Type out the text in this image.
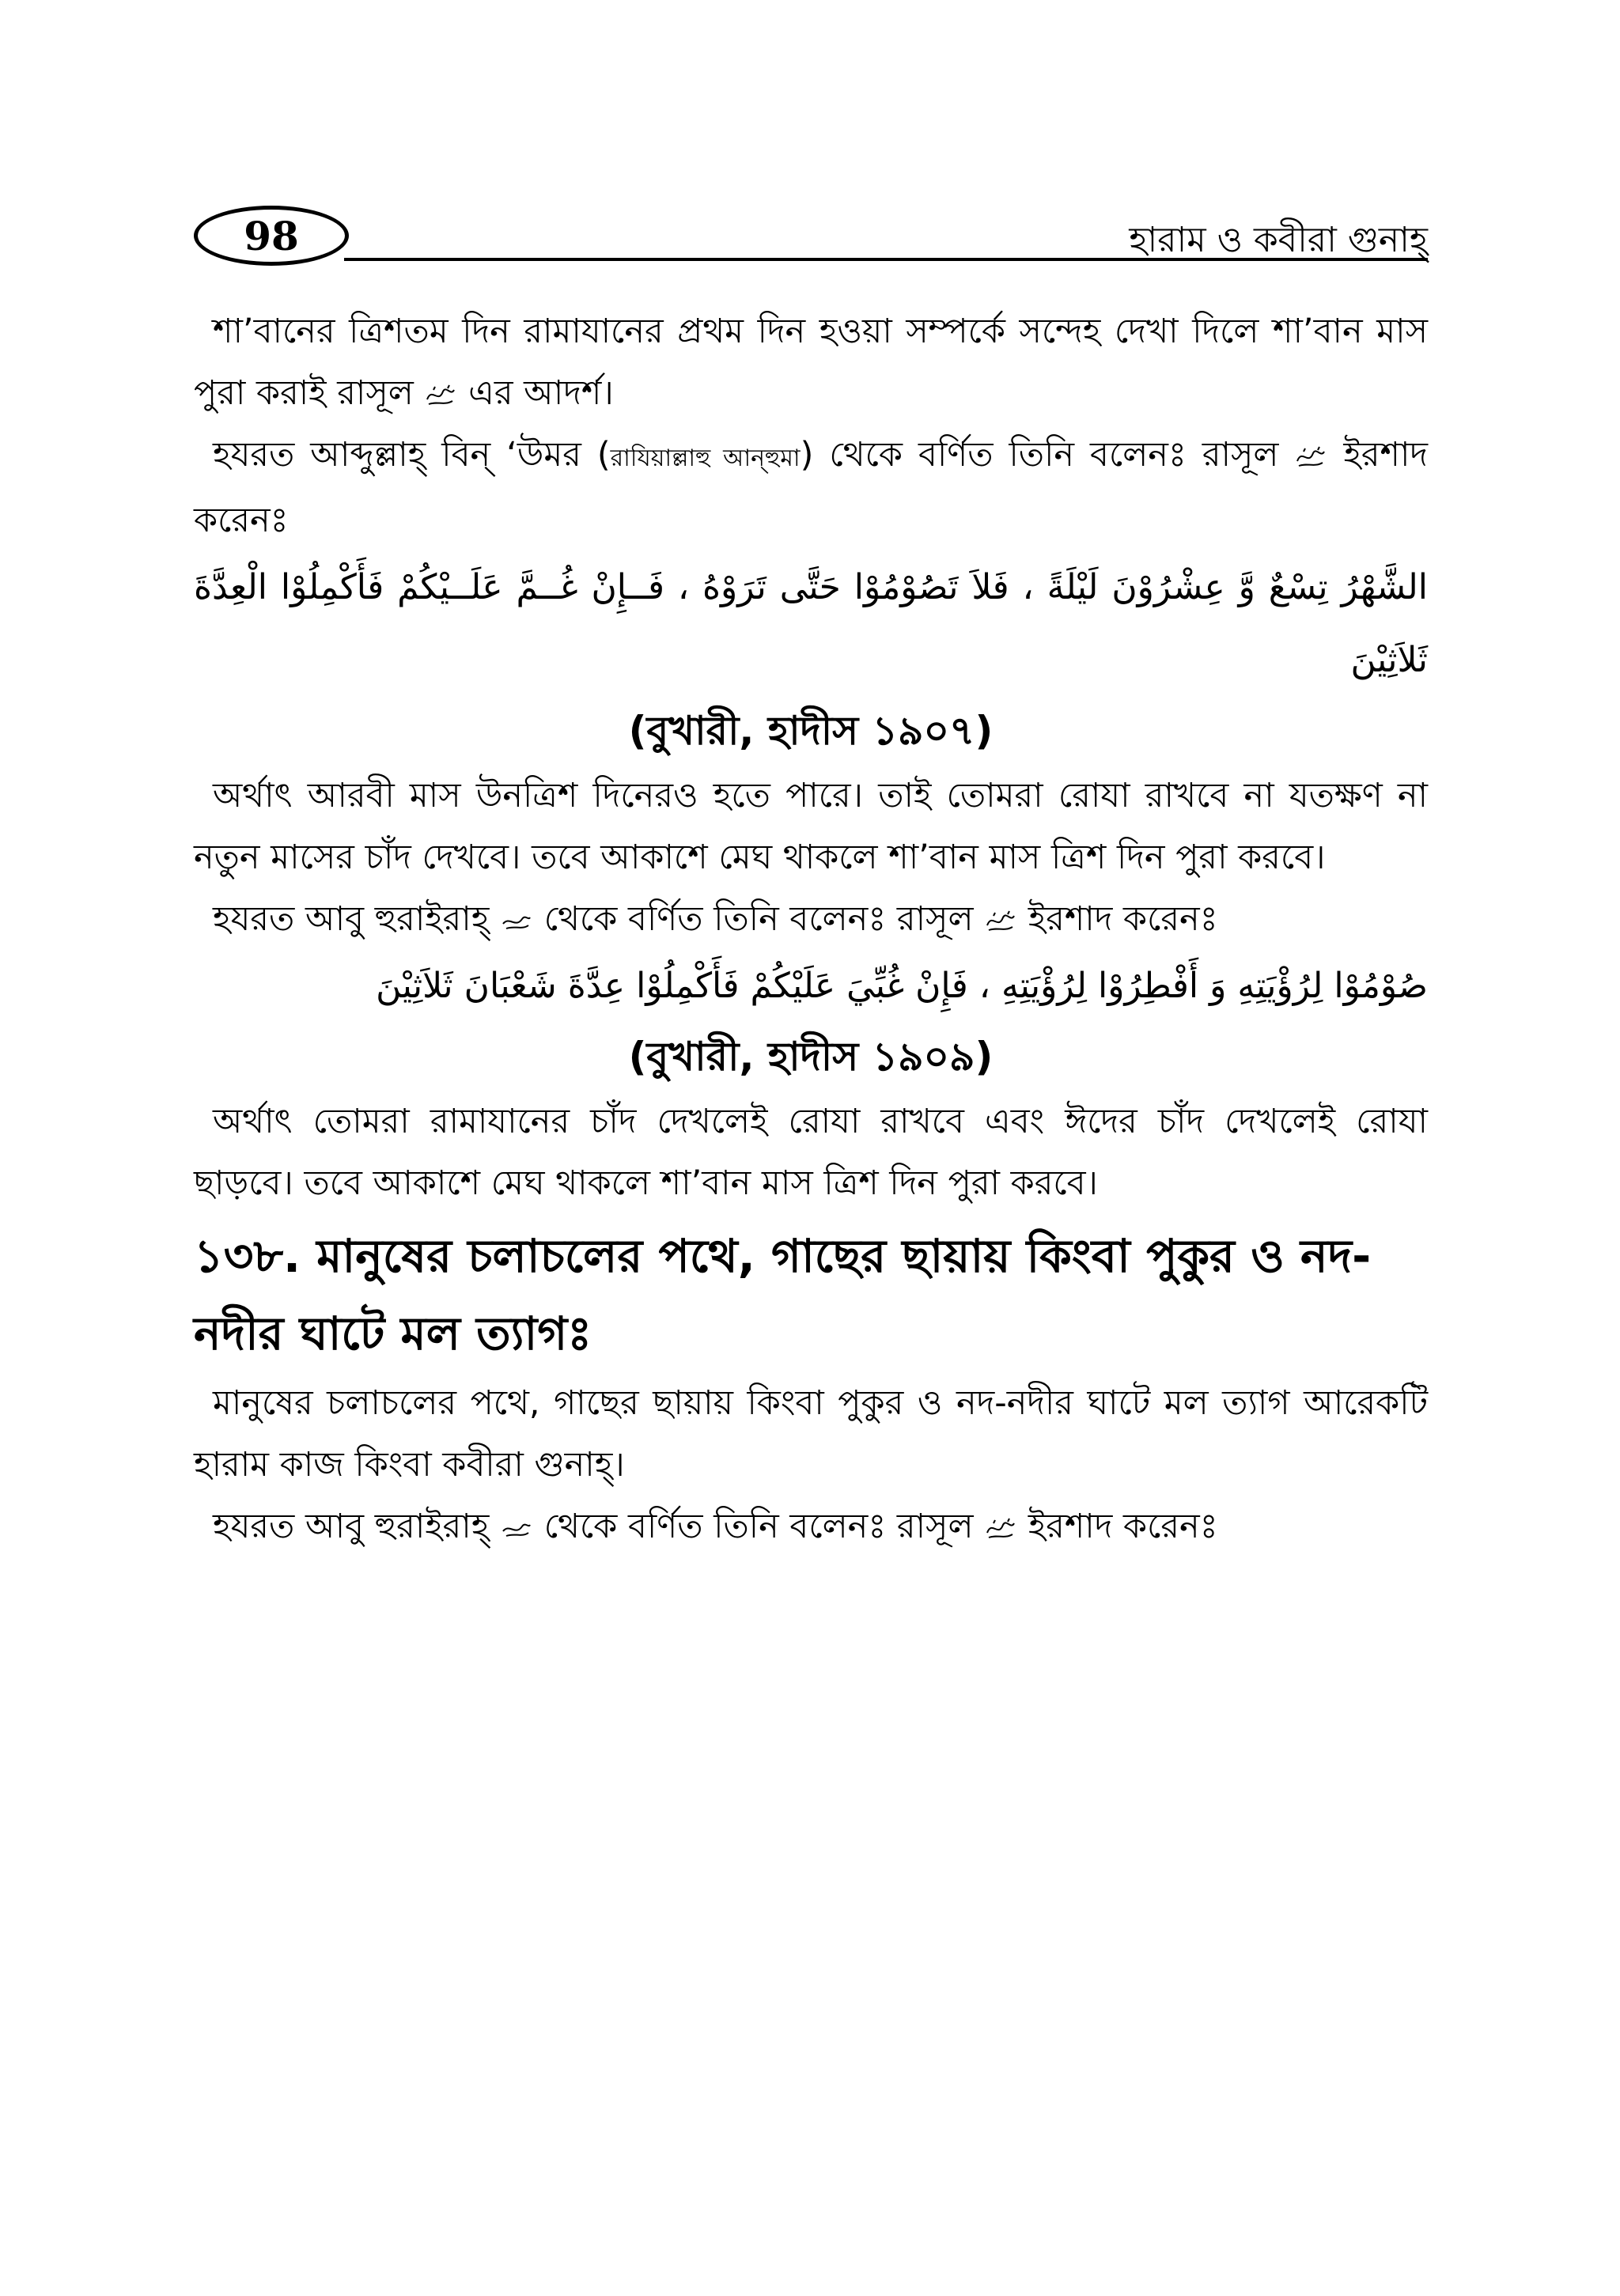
98	হারাম ও কবীরা গুনাহ্

শা’বানের ত্রিশতম দিন রামাযানের প্রথম দিন হওয়া সম্পর্কে সন্দেহ দেখা দিলে শা’বান মাস পুরা করাই রাসূল এর আদর্শ।

হযরত আব্দুল্লাহ্ বিন্ ‘উমর (রাযিয়াল্লাহু আন্হুমা) থেকে বর্ণিত তিনি বলেনঃ রাসূল ইরশাদ করেনঃ

الشَّهْرُ تِسْعٌ وَّ عِشْرُوْنَ لَيْلَةً ، فَلاَ تَصُوْمُوْا حَتَّى تَرَوْهُ ، فَــإِنْ غُــمَّ عَلَــيْكُمْ فَأَكْمِلُوْا الْعِدَّةَ ثَلاَثِيْنَ

(বুখারী, হাদীস ১৯০৭)

অর্থাৎ আরবী মাস উনত্রিশ দিনেরও হতে পারে। তাই তোমরা রোযা রাখবে না যতক্ষণ না নতুন মাসের চাঁদ দেখবে। তবে আকাশে মেঘ থাকলে শা’বান মাস ত্রিশ দিন পুরা করবে।

হযরত আবু হুরাইরাহ্ থেকে বর্ণিত তিনি বলেনঃ রাসূল ইরশাদ করেনঃ

صُوْمُوْا لِرُؤْيَتِهِ وَ أَفْطِرُوْا لِرُؤْيَتِهِ ، فَإِنْ غُبِّيَ عَلَيْكُمْ فَأَكْمِلُوْا عِدَّةَ شَعْبَانَ ثَلاَثِيْنَ

(বুখারী, হাদীস ১৯০৯)

অর্থাৎ তোমরা রামাযানের চাঁদ দেখলেই রোযা রাখবে এবং ঈদের চাঁদ দেখলেই রোযা ছাড়বে। তবে আকাশে মেঘ থাকলে শা’বান মাস ত্রিশ দিন পুরা করবে।

১৩৮. মানুষের চলাচলের পথে, গাছের ছায়ায় কিংবা পুকুর ও নদ-নদীর ঘাটে মল ত্যাগঃ

মানুষের চলাচলের পথে, গাছের ছায়ায় কিংবা পুকুর ও নদ-নদীর ঘাটে মল ত্যাগ আরেকটি হারাম কাজ কিংবা কবীরা গুনাহ্।

হযরত আবু হুরাইরাহ্ থেকে বর্ণিত তিনি বলেনঃ রাসূল ইরশাদ করেনঃ
